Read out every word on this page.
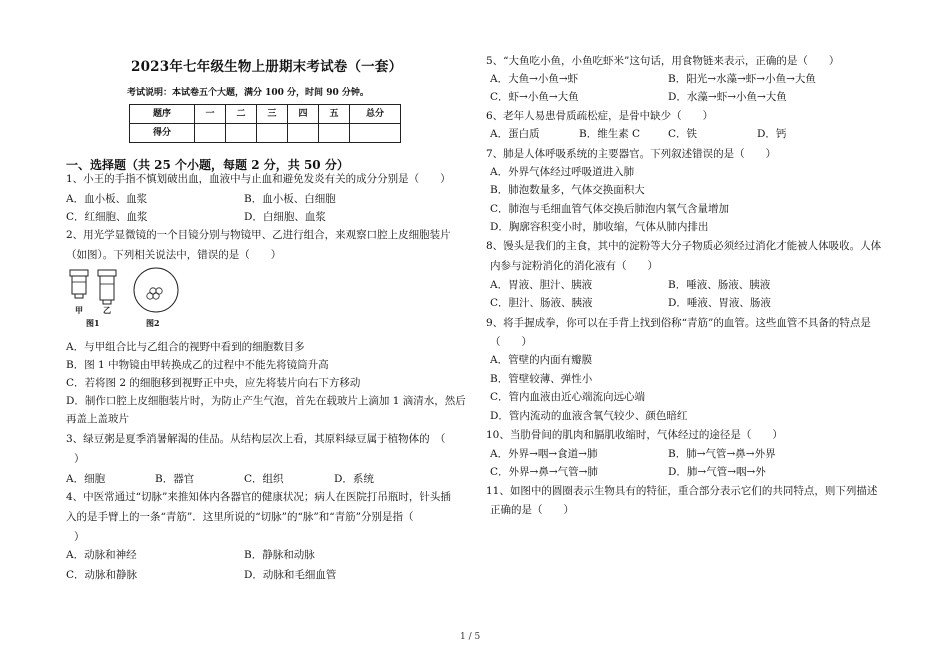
2023年七年级生物上册期末考试卷（一套）
考试说明：本试卷五个大题，满分 100 分，时间 90 分钟。
题序	一	二	三	四	五	总分
得分						
一、选择题（共 25 个小题，每题 2 分，共 50 分）
1、小王的手指不慎划破出血，血液中与止血和避免发炎有关的成分分别是（　　）
A．血小板、血浆	B．血小板、白细胞
C．红细胞、血浆	D．白细胞、血浆
2、用光学显微镜的一个目镜分别与物镜甲、乙进行组合，来观察口腔上皮细胞装片
（如图）。下列相关说法中，错误的是（　　）
甲	乙
图1	图2
A．与甲组合比与乙组合的视野中看到的细胞数目多
B．图 1 中物镜由甲转换成乙的过程中不能先将镜筒升高
C．若将图 2 的细胞移到视野正中央，应先将装片向右下方移动
D．制作口腔上皮细胞装片时，为防止产生气泡，首先在载玻片上滴加 1 滴清水，然后
再盖上盖玻片
3、绿豆粥是夏季消暑解渴的佳品。从结构层次上看，其原料绿豆属于植物体的　（
）
A．细胞	B．器官	C．组织	D．系统
4、中医常通过“切脉”来推知体内各器官的健康状况；病人在医院打吊瓶时，针头插
入的是手臂上的一条“青筋”．这里所说的“切脉”的“脉”和“青筋”分别是指（
）
A．动脉和神经	B．静脉和动脉
C．动脉和静脉	D．动脉和毛细血管
5、“大鱼吃小鱼，小鱼吃虾米”这句话，用食物链来表示，正确的是（　　）
A．大鱼→小鱼→虾	B．阳光→水藻→虾→小鱼→大鱼
C．虾→小鱼→大鱼	D．水藻→虾→小鱼→大鱼
6、老年人易患骨质疏松症，是骨中缺少（　　）
A．蛋白质	B．维生素 C	C．铁	D．钙
7、肺是人体呼吸系统的主要器官。下列叙述错误的是（　　）
A．外界气体经过呼吸道进入肺
B．肺泡数量多，气体交换面积大
C．肺泡与毛细血管气体交换后肺泡内氧气含量增加
D．胸廓容积变小时，肺收缩，气体从肺内排出
8、馒头是我们的主食，其中的淀粉等大分子物质必须经过消化才能被人体吸收。人体
内参与淀粉消化的消化液有（　　）
A．胃液、胆汁、胰液	B．唾液、肠液、胰液
C．胆汁、肠液、胰液	D．唾液、胃液、肠液
9、将手握成拳，你可以在手背上找到俗称“青筋”的血管。这些血管不具备的特点是
（　　）
A．管壁的内面有瓣膜
B．管壁较薄、弹性小
C．管内血液由近心端流向远心端
D．管内流动的血液含氧气较少、颜色暗红
10、当肋骨间的肌肉和膈肌收缩时，气体经过的途径是（　　）
A．外界→咽→食道→肺	B．肺→气管→鼻→外界
C．外界→鼻→气管→肺	D．肺→气管→咽→外
11、如图中的圆圈表示生物具有的特征，重合部分表示它们的共同特点，则下列描述
正确的是（　　）
1 / 5
